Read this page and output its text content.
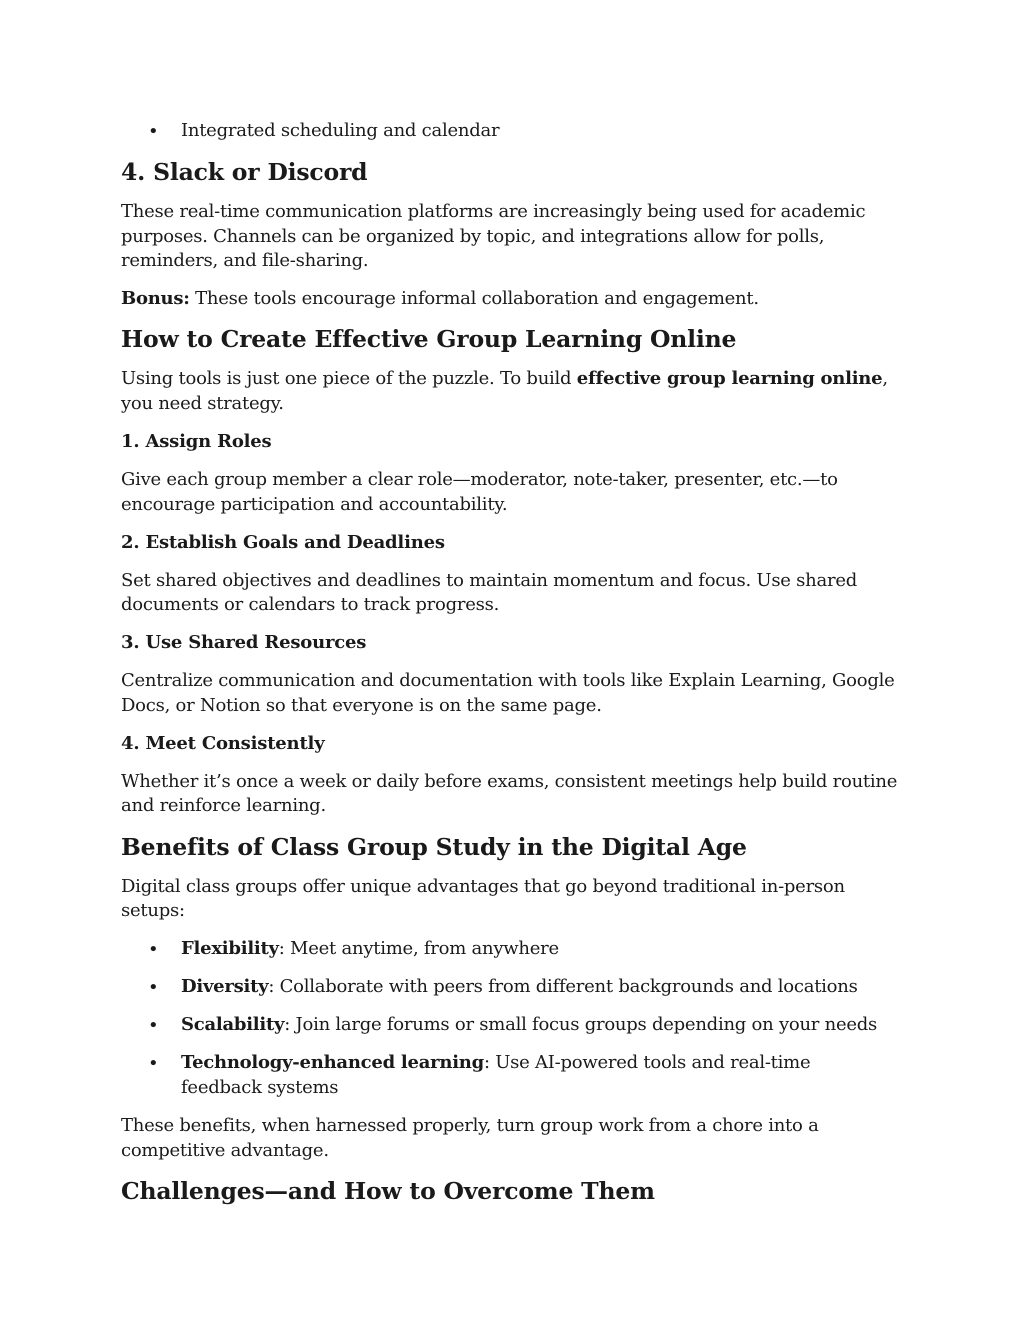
• Integrated scheduling and calendar
4. Slack or Discord
These real-time communication platforms are increasingly being used for academic
purposes. Channels can be organized by topic, and integrations allow for polls,
reminders, and file-sharing.
Bonus: These tools encourage informal collaboration and engagement.
How to Create Effective Group Learning Online
Using tools is just one piece of the puzzle. To build effective group learning online,
you need strategy.
1. Assign Roles
Give each group member a clear role—moderator, note-taker, presenter, etc.—to
encourage participation and accountability.
2. Establish Goals and Deadlines
Set shared objectives and deadlines to maintain momentum and focus. Use shared
documents or calendars to track progress.
3. Use Shared Resources
Centralize communication and documentation with tools like Explain Learning, Google
Docs, or Notion so that everyone is on the same page.
4. Meet Consistently
Whether it’s once a week or daily before exams, consistent meetings help build routine
and reinforce learning.
Benefits of Class Group Study in the Digital Age
Digital class groups offer unique advantages that go beyond traditional in-person
setups:
• Flexibility: Meet anytime, from anywhere
• Diversity: Collaborate with peers from different backgrounds and locations
• Scalability: Join large forums or small focus groups depending on your needs
• Technology-enhanced learning: Use AI-powered tools and real-time
feedback systems
These benefits, when harnessed properly, turn group work from a chore into a
competitive advantage.
Challenges—and How to Overcome Them
